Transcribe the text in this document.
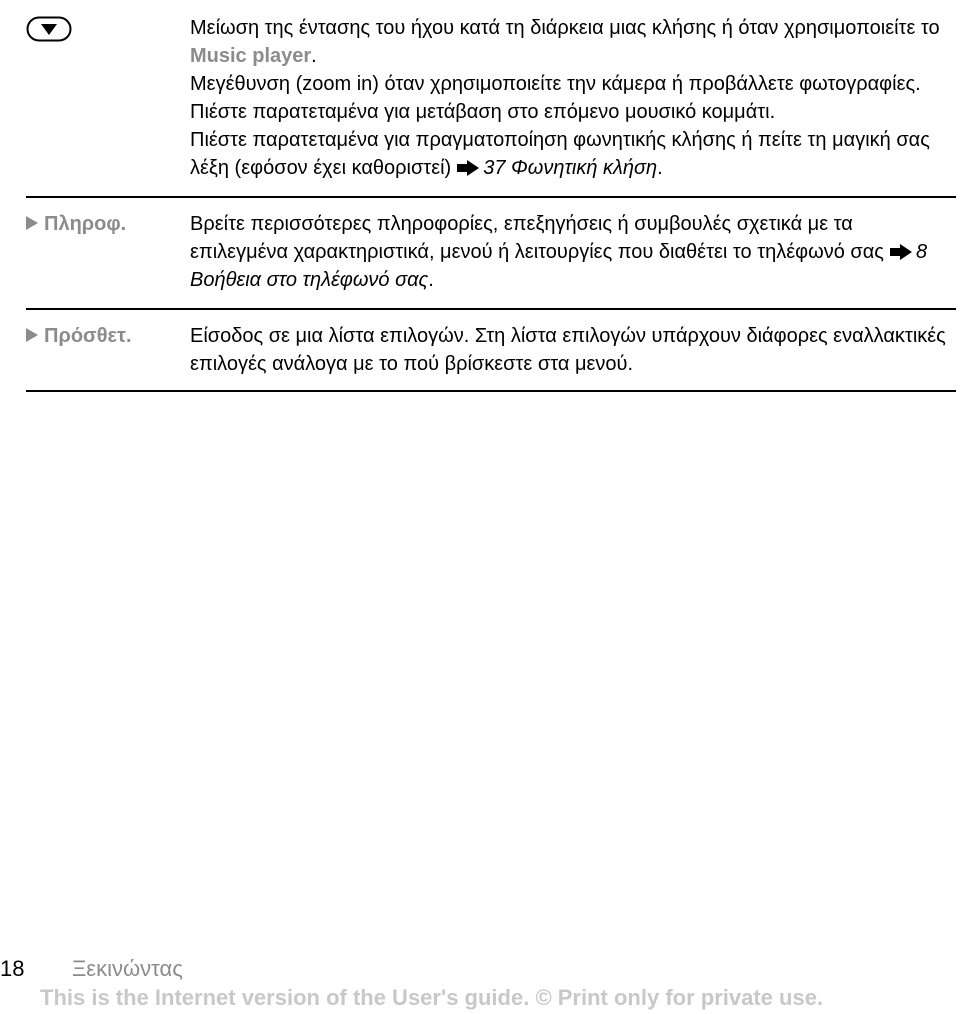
Μείωση της έντασης του ήχου κατά τη διάρκεια μιας κλήσης ή όταν χρησιμοποιείτε το Music player.

Μεγέθυνση (zoom in) όταν χρησιμοποιείτε την κάμερα ή προβάλλετε φωτογραφίες.

Πιέστε παρατεταμένα για μετάβαση στο επόμενο μουσικό κομμάτι.

Πιέστε παρατεταμένα για πραγματοποίηση φωνητικής κλήσης ή πείτε τη μαγική σας λέξη (εφόσον έχει καθοριστεί) 37 Φωνητική κλήση.

Πληροφ.	Βρείτε περισσότερες πληροφορίες, επεξηγήσεις ή συμβουλές σχετικά με τα επιλεγμένα χαρακτηριστικά, μενού ή λειτουργίες που διαθέτει το τηλέφωνό σας 8 Βοήθεια στο τηλέφωνό σας.

Πρόσθετ.	Είσοδος σε μια λίστα επιλογών. Στη λίστα επιλογών υπάρχουν διάφορες εναλλακτικές επιλογές ανάλογα με το πού βρίσκεστε στα μενού.

18 Ξεκινώντας
This is the Internet version of the User's guide. © Print only for private use.
